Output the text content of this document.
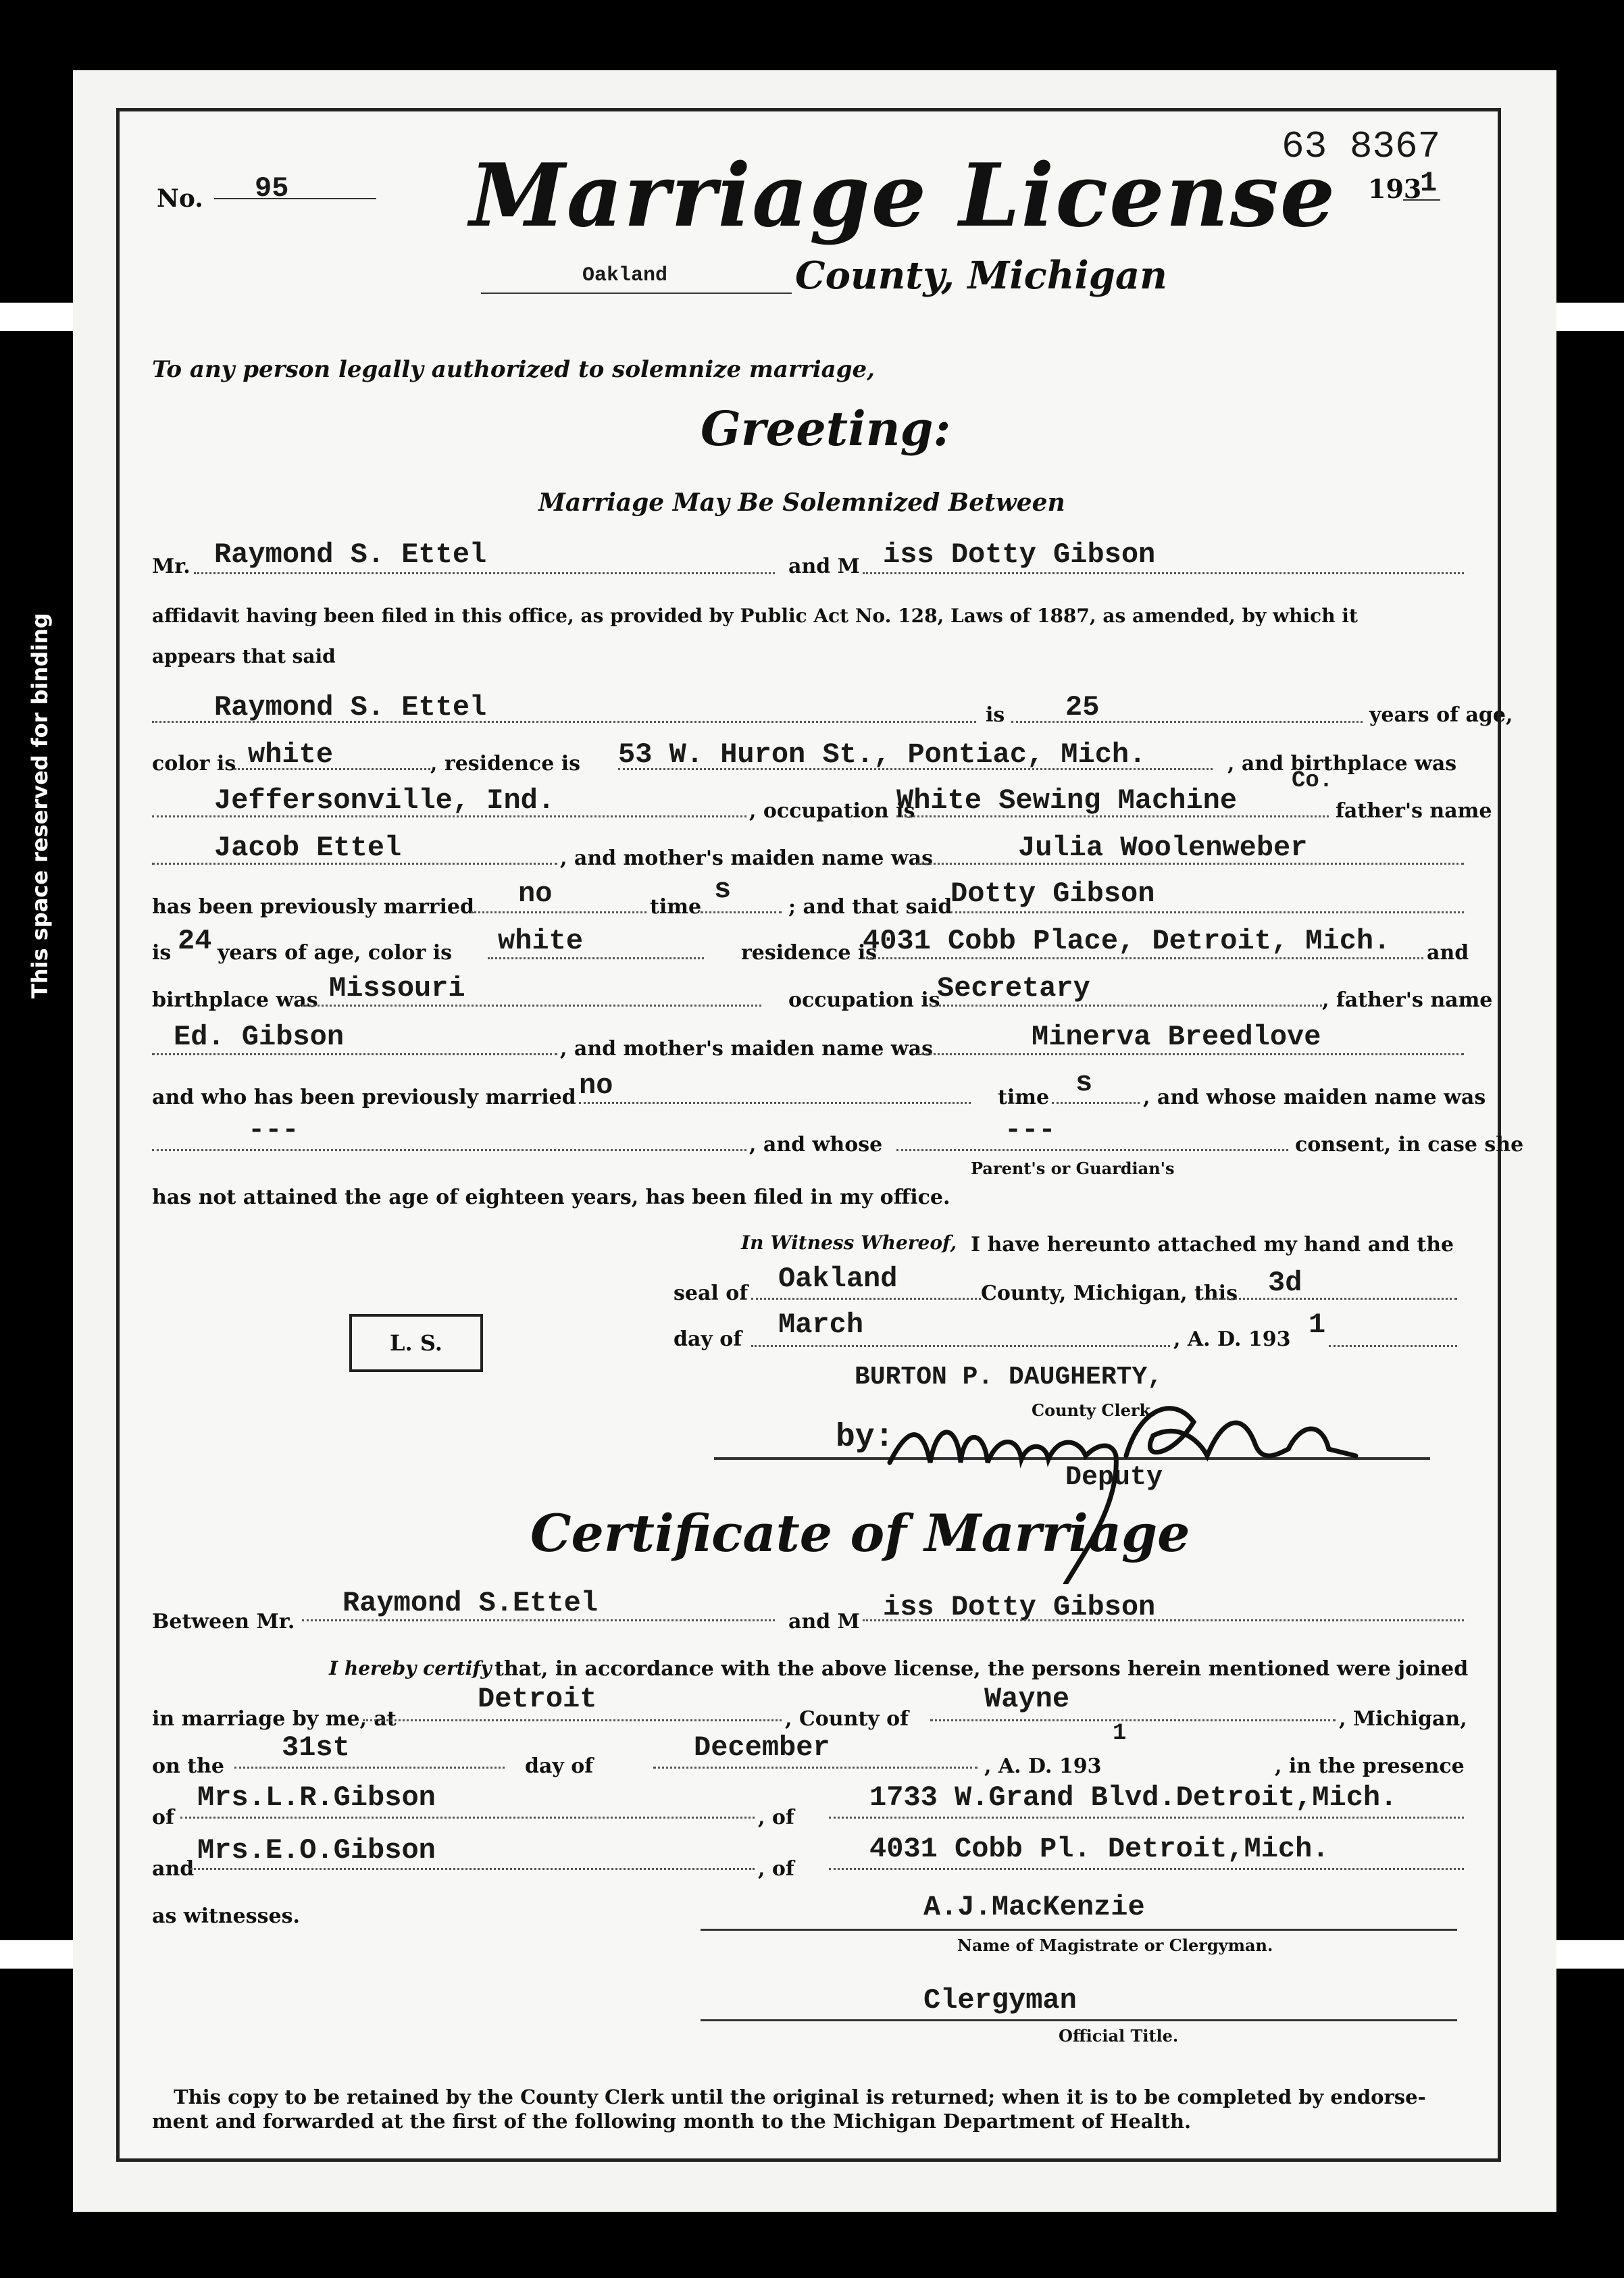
This space reserved for binding
No. 95 Marriage License
63 8367
193
1
Oakland	County, Michigan
To any person legally authorized to solemnize marriage,
Greeting:
Marriage May Be Solemnized Between
Mr. Raymond S. Ettel	and M iss Dotty Gibson
affidavit having been filed in this office, as provided by Public Act No. 128, Laws of 1887, as amended, by which it
appears that said
Raymond S. Ettel	is 25	years of age,
color is white	, residence is 53 W. Huron St., Pontiac, Mich.	, and birthplace was
Jeffersonville, Ind.	, occupation is
White Sewing Machine
Co.
father's name
Jacob Ettel	, and mother's maiden name was	Julia Woolenweber
has been previously married no	time
s
; and that said
Dotty Gibson
is 24 years of age, color is white	residence is
4031 Cobb Place, Detroit, Mich. and
birthplace was Missouri	occupation is
Secretary	, father's name
Ed. Gibson	, and mother's maiden name was	Minerva Breedlove
and who has been previously married no	time s , and whose maiden name was
---	, and whose	---
Parent's or Guardian's
consent, in case she
has not attained the age of eighteen years, has been filed in my office.
In Witness Whereof, I have hereunto attached my hand and the
seal of Oakland	County, Michigan, this 3d
day of March	, A. D. 193 1
L. S.
BURTON P. DAUGHERTY,
County Clerk.
by:
Deputy
Certificate of Marriage
Between Mr.
Raymond S.Ettel
and M iss Dotty Gibson
I hereby certify that, in accordance with the above license, the persons herein mentioned were joined
in marriage by me, at
Detroit
, County of
Wayne
, Michigan,
on the
31st
day of
December
, A. D. 193
1
, in the presence
of
Mrs.L.R.Gibson
, of
1733 W.Grand Blvd.Detroit,Mich.
and
Mrs.E.O.Gibson
, of
4031 Cobb Pl. Detroit,Mich.
as witnesses.	A.J.MacKenzie
Name of Magistrate or Clergyman.
Clergyman
Official Title.
This copy to be retained by the County Clerk until the original is returned; when it is to be completed by endorse-
ment and forwarded at the first of the following month to the Michigan Department of Health.
